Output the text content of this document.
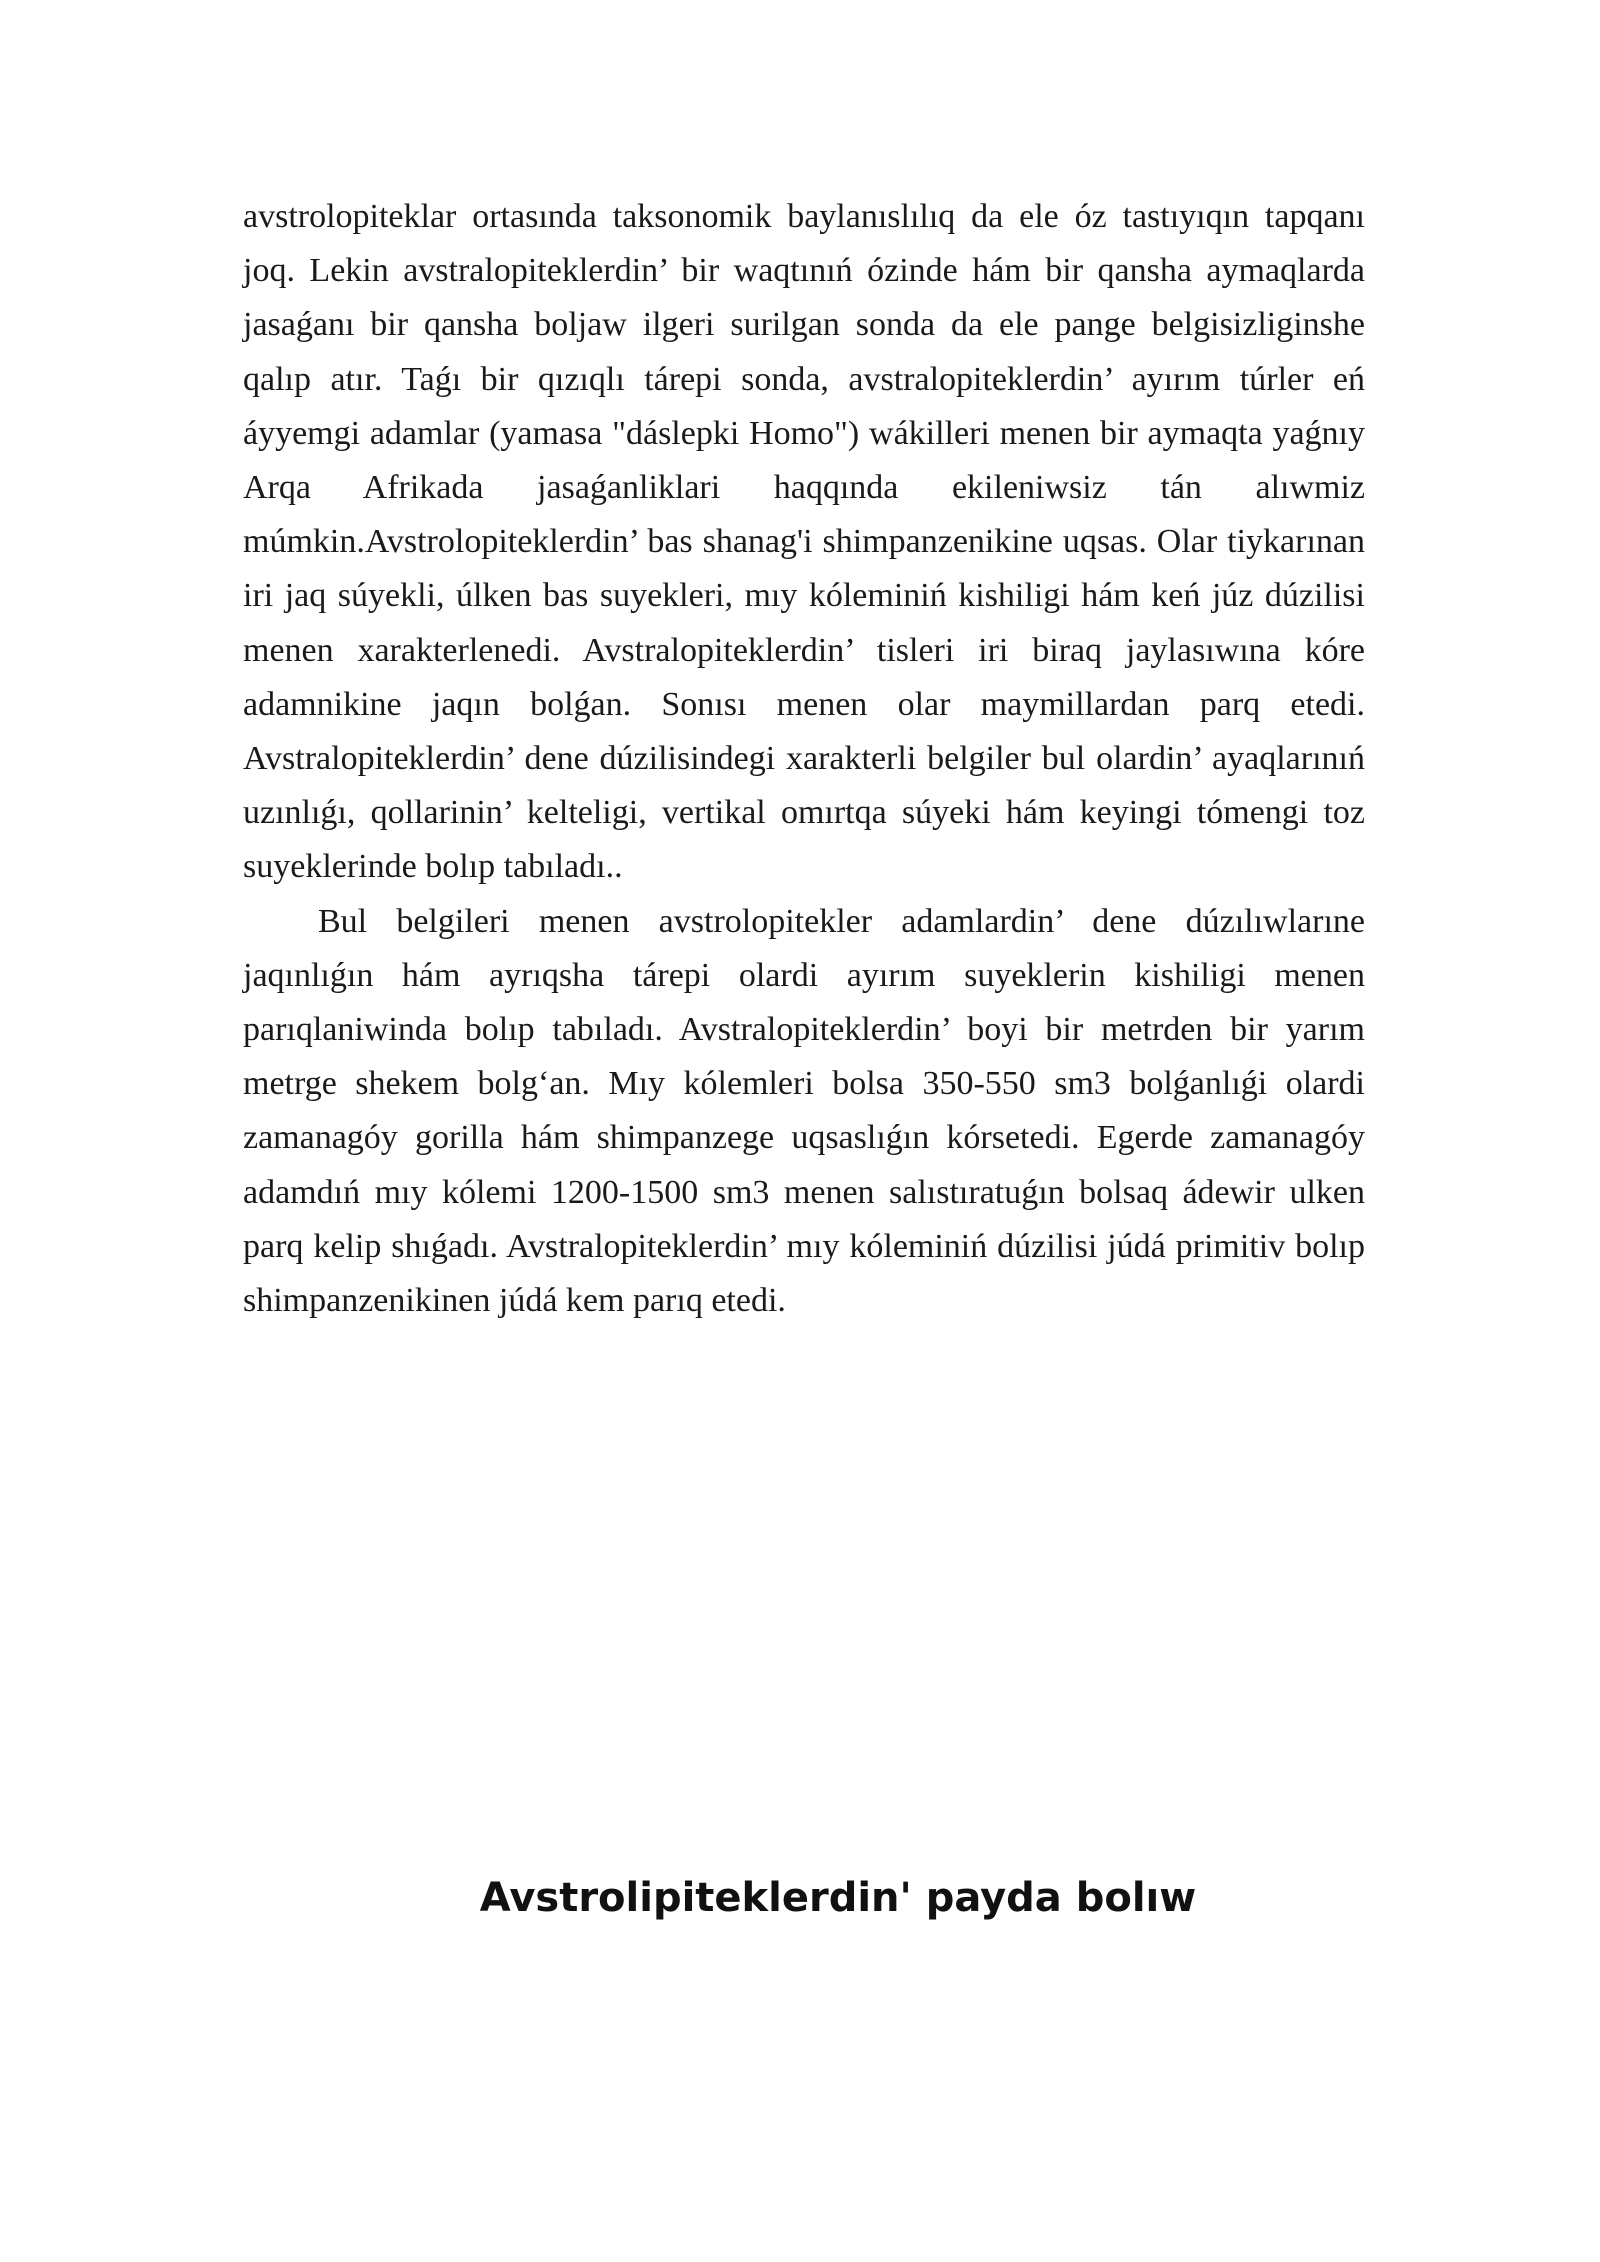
avstrolopiteklar ortasında taksonomik baylanıslılıq da ele óz tastıyıqın tapqanı joq. Lekin avstralopiteklerdin’ bir waqtınıń ózinde hám bir qansha aymaqlarda jasaǵanı bir qansha boljaw ilgeri surilgan sonda da ele pange belgisizliginshe qalıp atır. Taǵı bir qızıqlı tárepi sonda, avstralopiteklerdin’ ayırım túrler eń áyyemgi adamlar (yamasa "dáslepki Homo") wákilleri menen bir aymaqta yaǵnıy Arqa Afrikada jasaǵanliklari haqqında ekileniwsiz tán alıwmiz múmkin.Avstrolopiteklerdin’ bas shanag'i shimpanzenikine uqsas. Olar tiykarınan iri jaq súyekli, úlken bas suyekleri, mıy kóleminiń kishiligi hám keń júz dúzilisi menen xarakterlenedi. Avstralopiteklerdin’ tisleri iri biraq jaylasıwına kóre adamnikine jaqın bolǵan. Sonısı menen olar maymillardan parq etedi. Avstralopiteklerdin’ dene dúzilisindegi xarakterli belgiler bul olardin’ ayaqlarınıń uzınlıǵı, qollarinin’ kelteligi, vertikal omırtqa súyeki hám keyingi tómengi toz suyeklerinde bolıp tabıladı..

Bul belgileri menen avstrolopitekler adamlardin’ dene dúzılıwlarıne jaqınlıǵın hám ayrıqsha tárepi olardi ayırım suyeklerin kishiligi menen parıqlaniwinda bolıp tabıladı. Avstralopiteklerdin’ boyi bir metrden bir yarım metrge shekem bolg‘an. Mıy kólemleri bolsa 350-550 sm3 bolǵanlıǵi olardi zamanagóy gorilla hám shimpanzege uqsaslıǵın kórsetedi. Egerde zamanagóy adamdıń mıy kólemi 1200-1500 sm3 menen salıstıratuǵın bolsaq ádewir ulken parq kelip shıǵadı. Avstralopiteklerdin’ mıy kóleminiń dúzilisi júdá primitiv bolıp shimpanzenikinen júdá kem parıq etedi.

Avstrolipiteklerdin' payda bolıw
